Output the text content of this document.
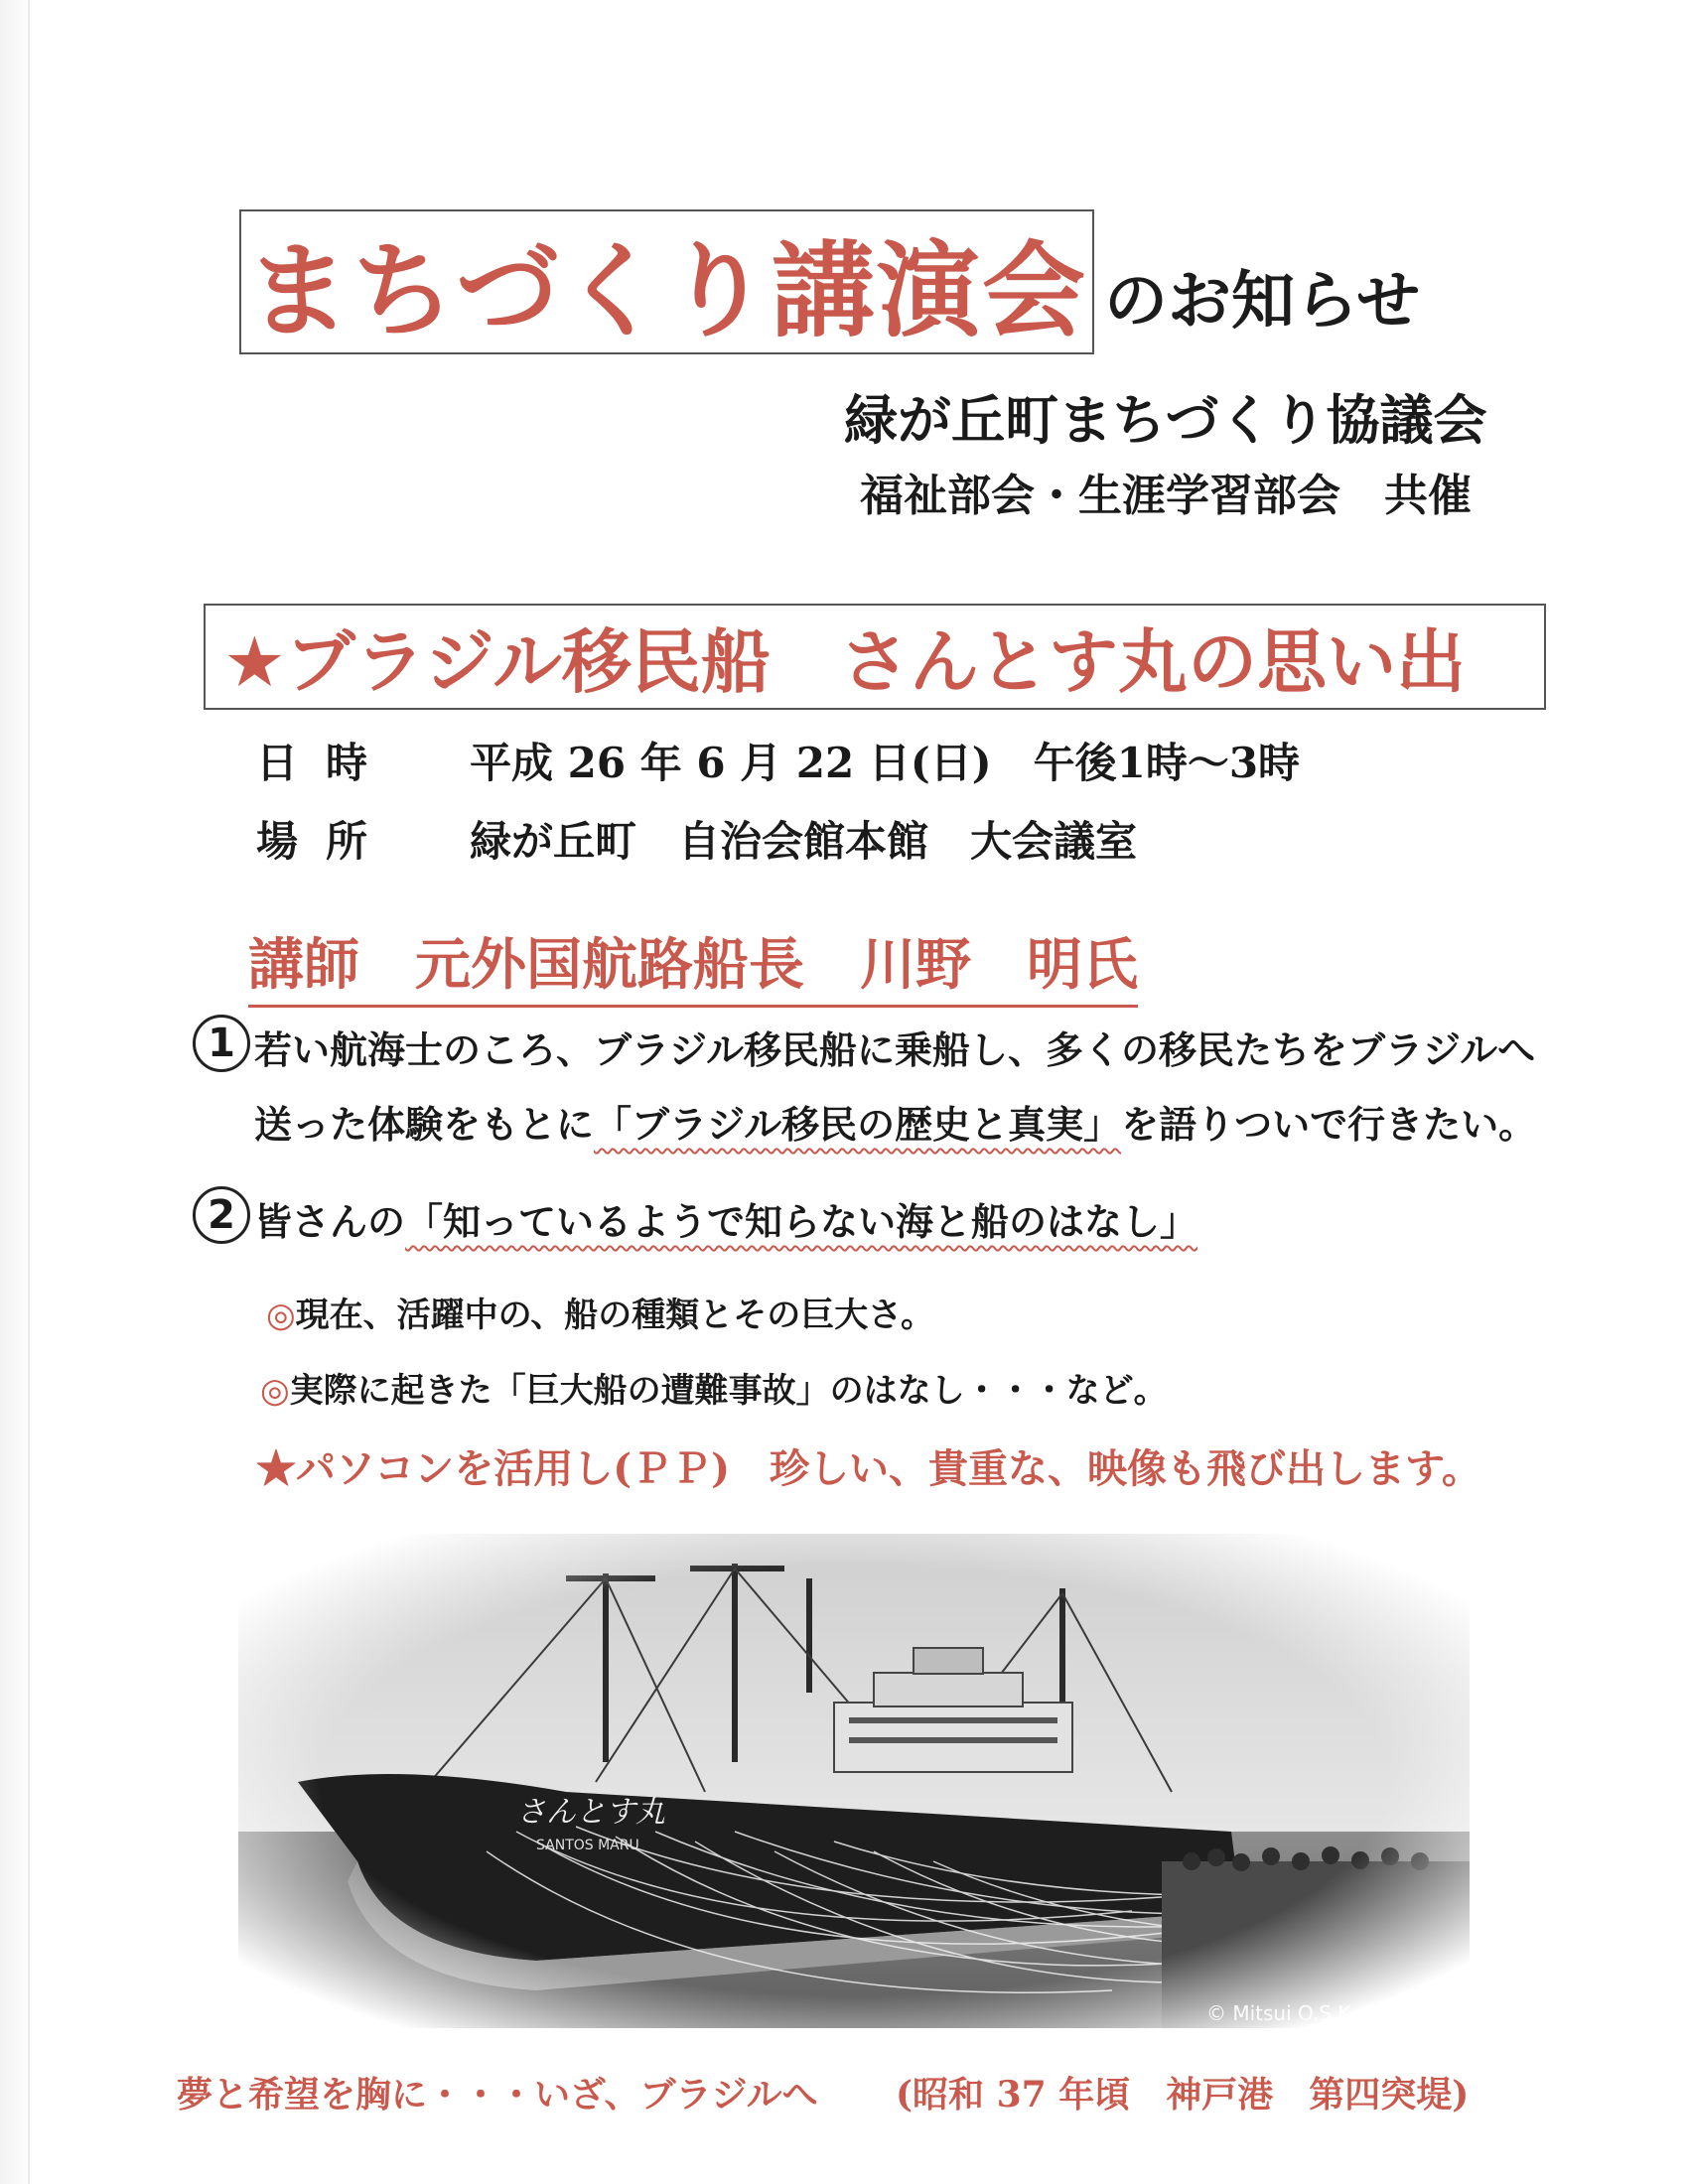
まちづくり講演会 のお知らせ
緑が丘町まちづくり協議会
福祉部会・生涯学習部会　共催
★ブラジル移民船　さんとす丸の思い出
日時 平成 26 年 6 月 22 日(日)　午後1時～3時
場所 緑が丘町　自治会館本館　大会議室
講師　元外国航路船長　川野　明氏
1 若い航海士のころ、ブラジル移民船に乗船し、多くの移民たちをブラジルへ
送った体験をもとに「ブラジル移民の歴史と真実」を語りついで行きたい。
2 皆さんの「知っているようで知らない海と船のはなし」
◎現在、活躍中の、船の種類とその巨大さ。
◎実際に起きた「巨大船の遭難事故」のはなし・・・など。
★パソコンを活用し(ＰＰ)　珍しい、貴重な、映像も飛び出します。
夢と希望を胸に・・・いざ、ブラジルへ (昭和 37 年頃　神戸港　第四突堤)
